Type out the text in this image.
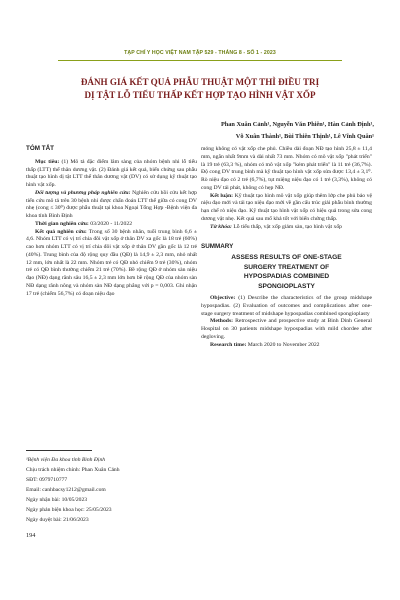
TẠP CHÍ Y HỌC VIỆT NAM TẬP 529 - THÁNG 8 - SỐ 1 - 2023
ĐÁNH GIÁ KẾT QUẢ PHẪU THUẬT MỘT THÌ ĐIỀU TRỊ
DỊ TẬT LỖ TIỂU THẤP KẾT HỢP TẠO HÌNH VẬT XỐP
Phan Xuân Cảnh¹, Nguyễn Văn Phiên¹, Hàn Cảnh Định¹,
Võ Xuân Thành¹, Bùi Thiên Thịnh¹, Lê Vĩnh Quân¹
TÓM TẮT

Mục tiêu: (1) Mô tả đặc điểm lâm sàng của nhóm bệnh nhi lỗ tiểu thấp (LTT) thể thân dương vật. (2) Đánh giá kết quả, biến chứng sau phẫu thuật tạo hình dị tật LTT thể thân dương vật (DV) có sử dụng kỹ thuật tạo hình vật xốp.

Đối tượng và phương pháp nghiên cứu: Nghiên cứu hồi cứu kết hợp tiến cứu mô tả trên 30 bệnh nhi được chẩn đoán LTT thể giữa có cong DV nhẹ (cong ≤ 30⁰) được phẫu thuật tại khoa Ngoại Tổng Hợp -Bệnh viện đa khoa tỉnh Bình Định

Thời gian nghiên cứu: 03/2020 - 11/2022

Kết quả nghiên cứu: Trong số 30 bệnh nhân, tuổi trung bình 6,6 ± 4,6. Nhóm LTT có vị trí chia đôi vật xốp ở thân DV xa gốc là 18 trẻ (60%) cao hơn nhóm LTT có vị trí chia đôi vật xốp ở thân DV gần gốc là 12 trẻ (40%). Trung bình của độ rộng quy đầu (QĐ) là 14,9 ± 2,3 mm, nhỏ nhất 12 mm, lớn nhất là 22 mm. Nhóm trẻ có QĐ nhỏ chiếm 9 trẻ (30%), nhóm trẻ có QĐ bình thường chiếm 21 trẻ (70%). Bề rộng QĐ ở nhóm sàn niệu đạo (NĐ) dạng rãnh sâu 16,5 ± 2,3 mm lớn hơn bề rộng QĐ của nhóm sàn NĐ dạng rãnh nông và nhóm sàn NĐ dạng phẳng với p = 0,003. Ghi nhận 17 trẻ (chiếm 56,7%) có đoạn niệu đạo

mỏng không có vật xốp che phủ. Chiều dài đoạn NĐ tạo hình 25,8 ± 11,4 mm, ngắn nhất 9mm và dài nhất 73 mm. Nhóm có mô vật xốp "phát triển" là 19 trẻ (63,3 %), nhóm có mô vật xốp "kém phát triển" là 11 trẻ (36,7%). Độ cong DV trung bình mà kỹ thuật tạo hình vật xốp sửa được 13,4 ± 3,1⁰. Rò niệu đạo có 2 trẻ (6,7%), tụt miệng niệu đạo có 1 trẻ (3,3%), không có cong DV tái phát, không có hẹp NĐ.

Kết luận: Kỹ thuật tạo hình mô vật xốp giúp thêm lớp che phủ bảo vệ niệu đạo mới và tái tạo niệu đạo mới về gần cấu trúc giải phẫu bình thường hạn chế rò niệu đạo. Kỹ thuật tạo hình vật xốp có hiệu quả trong sửa cong dương vật nhẹ. Kết quả sau mổ khả tốt với biến chứng thấp.

Từ khóa: Lỗ tiểu thấp, vật xốp giảm sàn, tạo hình vật xốp

SUMMARY
ASSESS RESULTS OF ONE-STAGE
SURGERY TREATMENT OF
HYPOSPADIAS COMBINED
SPONGIOPLASTY

Objective: (1) Describe the characteristics of the group midshape hypospadias. (2) Evaluation of outcomes and complications after one-stage surgery treatment of midshape hypospadias combined spongioplasty

Methods: Retrospective and prospective study at Binh Dinh General Hospital on 30 patients midshape hypospadias with mild chordee after degloving.

Research time: March 2020 to November 2022

¹Bệnh viện Đa khoa tỉnh Bình Định
Chịu trách nhiệm chính: Phan Xuân Cảnh
SĐT: 0979710777
Email: canhbacsy1212@gmail.com
Ngày nhận bài: 10/05/2023
Ngày phản biện khoa học: 25/05/2023
Ngày duyệt bài: 21/06/2023
194
